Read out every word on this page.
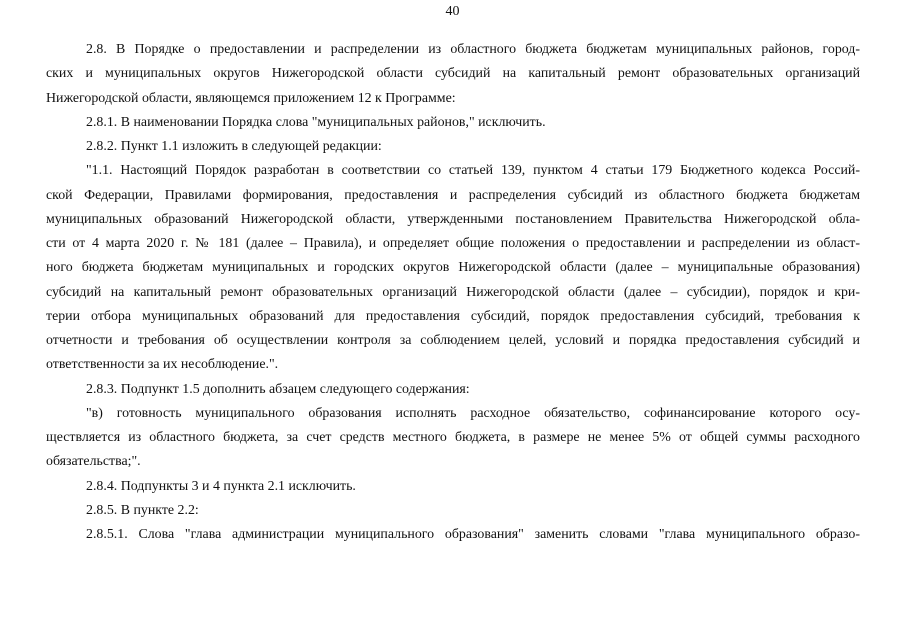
40
2.8. В Порядке о предоставлении и распределении из областного бюджета бюджетам муниципальных районов, город-
ских и муниципальных округов Нижегородской области субсидий на капитальный ремонт образовательных организаций
Нижегородской области, являющемся приложением 12 к Программе:
2.8.1. В наименовании Порядка слова "муниципальных районов," исключить.
2.8.2. Пункт 1.1 изложить в следующей редакции:
"1.1. Настоящий Порядок разработан в соответствии со статьей 139, пунктом 4 статьи 179 Бюджетного кодекса Россий-
ской Федерации, Правилами формирования, предоставления и распределения субсидий из областного бюджета бюджетам
муниципальных образований Нижегородской области, утвержденными постановлением Правительства Нижегородской обла-
сти от 4 марта 2020 г. № 181 (далее – Правила), и определяет общие положения о предоставлении и распределении из област-
ного бюджета бюджетам муниципальных и городских округов Нижегородской области (далее – муниципальные образования)
субсидий на капитальный ремонт образовательных организаций Нижегородской области (далее – субсидии), порядок и кри-
терии отбора муниципальных образований для предоставления субсидий, порядок предоставления субсидий, требования к
отчетности и требования об осуществлении контроля за соблюдением целей, условий и порядка предоставления субсидий и
ответственности за их несоблюдение.".
2.8.3. Подпункт 1.5 дополнить абзацем следующего содержания:
"в) готовность муниципального образования исполнять расходное обязательство, софинансирование которого осу-
ществляется из областного бюджета, за счет средств местного бюджета, в размере не менее 5% от общей суммы расходного
обязательства;".
2.8.4. Подпункты 3 и 4 пункта 2.1 исключить.
2.8.5. В пункте 2.2:
2.8.5.1. Слова "глава администрации муниципального образования" заменить словами "глава муниципального образо-
